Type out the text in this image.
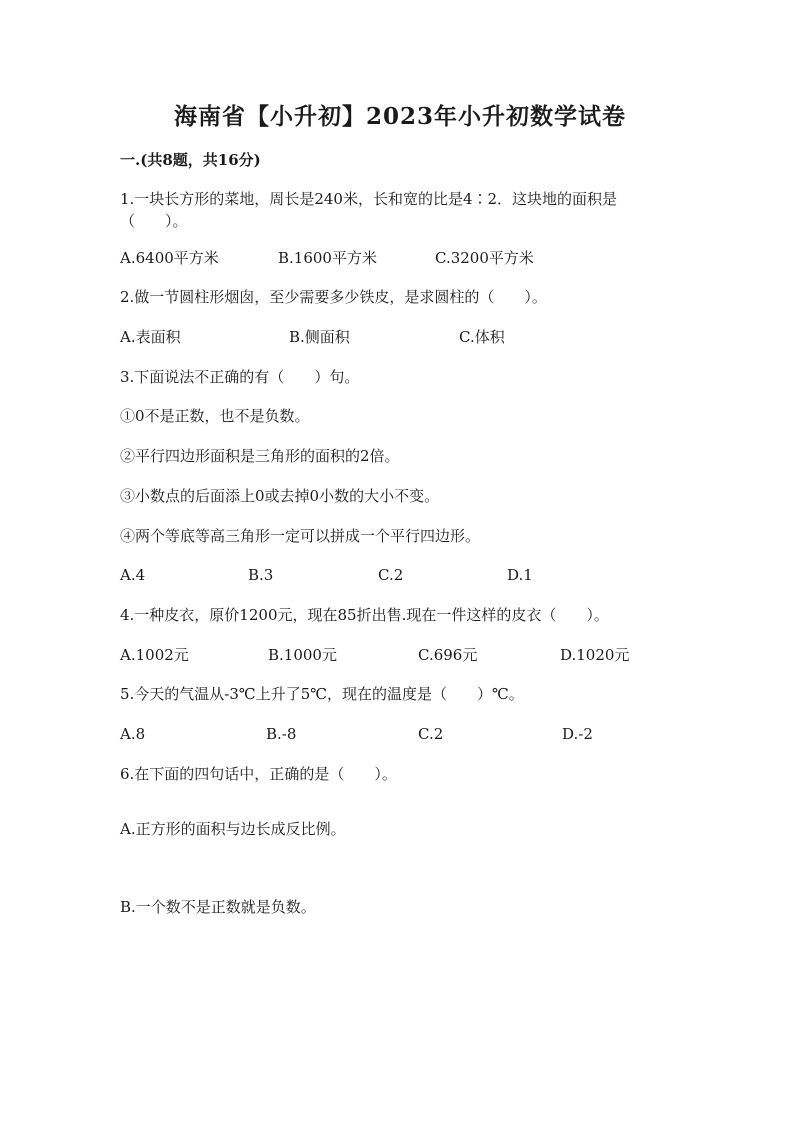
海南省【小升初】2023年小升初数学试卷
一.(共8题，共16分)
1.一块长方形的菜地，周长是240米，长和宽的比是4∶2．这块地的面积是（　　）。
A.6400平方米	B.1600平方米	C.3200平方米
2.做一节圆柱形烟囱，至少需要多少铁皮，是求圆柱的（　　）。
A.表面积	B.侧面积	C.体积
3.下面说法不正确的有（　　）句。
①0不是正数，也不是负数。
②平行四边形面积是三角形的面积的2倍。
③小数点的后面添上0或去掉0小数的大小不变。
④两个等底等高三角形一定可以拼成一个平行四边形。
A.4	B.3	C.2	D.1
4.一种皮衣，原价1200元，现在85折出售.现在一件这样的皮衣（　　）。
A.1002元	B.1000元	C.696元	D.1020元
5.今天的气温从-3℃上升了5℃，现在的温度是（　　）℃。
A.8	B.-8	C.2	D.-2
6.在下面的四句话中，正确的是（　　）。
A.正方形的面积与边长成反比例。
B.一个数不是正数就是负数。
